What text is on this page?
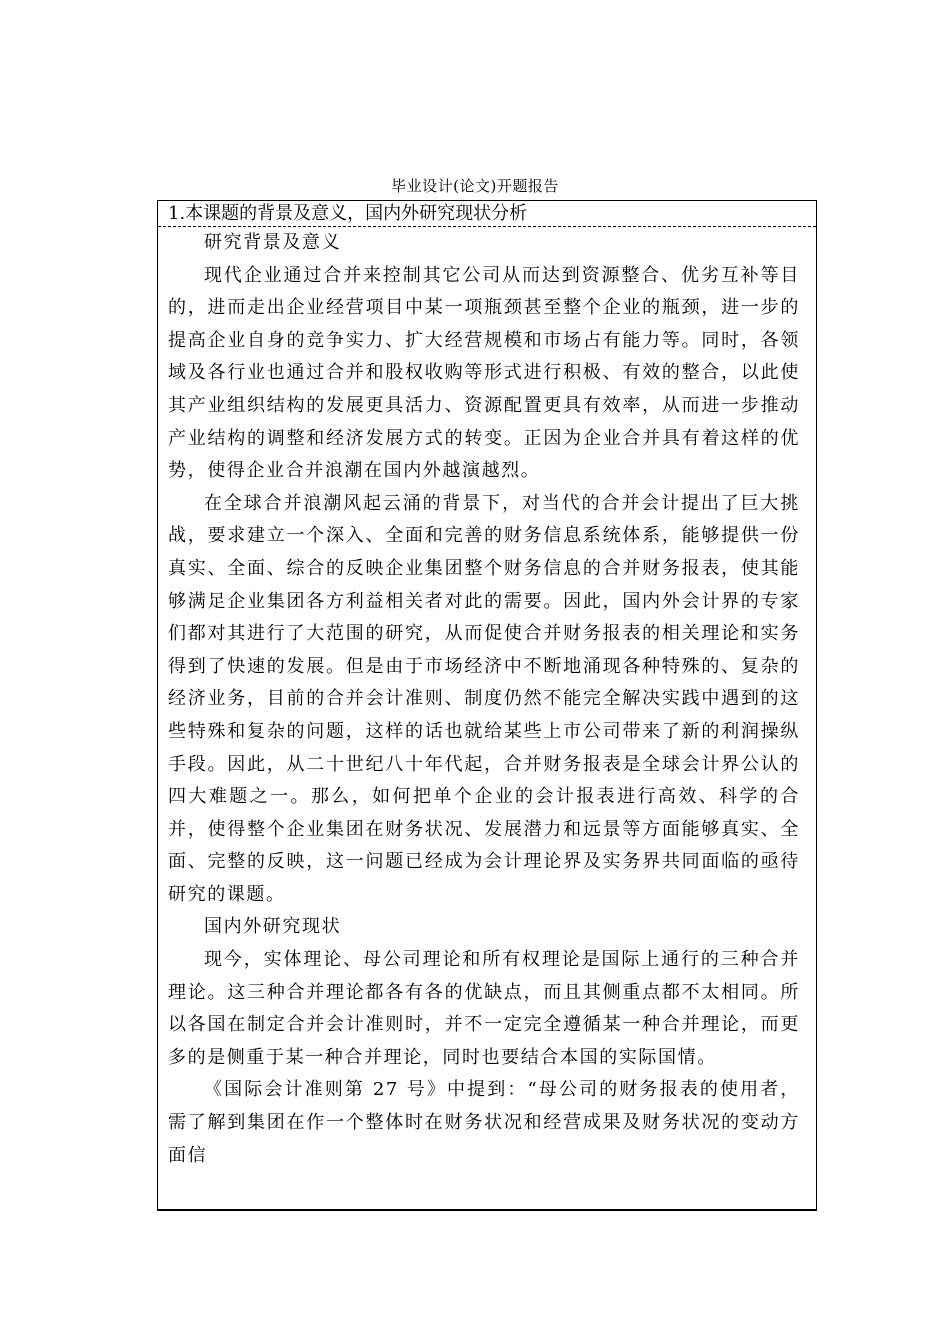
毕业设计(论文)开题报告
1.本课题的背景及意义，国内外研究现状分析

研究背景及意义

现代企业通过合并来控制其它公司从而达到资源整合、优劣互补等目的，进而走出企业经营项目中某一项瓶颈甚至整个企业的瓶颈，进一步的提高企业自身的竞争实力、扩大经营规模和市场占有能力等。同时，各领域及各行业也通过合并和股权收购等形式进行积极、有效的整合，以此使其产业组织结构的发展更具活力、资源配置更具有效率，从而进一步推动产业结构的调整和经济发展方式的转变。正因为企业合并具有着这样的优势，使得企业合并浪潮在国内外越演越烈。

在全球合并浪潮风起云涌的背景下，对当代的合并会计提出了巨大挑战，要求建立一个深入、全面和完善的财务信息系统体系，能够提供一份真实、全面、综合的反映企业集团整个财务信息的合并财务报表，使其能够满足企业集团各方利益相关者对此的需要。因此，国内外会计界的专家们都对其进行了大范围的研究，从而促使合并财务报表的相关理论和实务得到了快速的发展。但是由于市场经济中不断地涌现各种特殊的、复杂的经济业务，目前的合并会计准则、制度仍然不能完全解决实践中遇到的这些特殊和复杂的问题，这样的话也就给某些上市公司带来了新的利润操纵手段。因此，从二十世纪八十年代起，合并财务报表是全球会计界公认的四大难题之一。那么，如何把单个企业的会计报表进行高效、科学的合并，使得整个企业集团在财务状况、发展潜力和远景等方面能够真实、全面、完整的反映，这一问题已经成为会计理论界及实务界共同面临的亟待研究的课题。

国内外研究现状

现今，实体理论、母公司理论和所有权理论是国际上通行的三种合并理论。这三种合并理论都各有各的优缺点，而且其侧重点都不太相同。所以各国在制定合并会计准则时，并不一定完全遵循某一种合并理论，而更多的是侧重于某一种合并理论，同时也要结合本国的实际国情。

《国际会计准则第 27 号》中提到：“母公司的财务报表的使用者，需了解到集团在作一个整体时在财务状况和经营成果及财务状况的变动方面信
